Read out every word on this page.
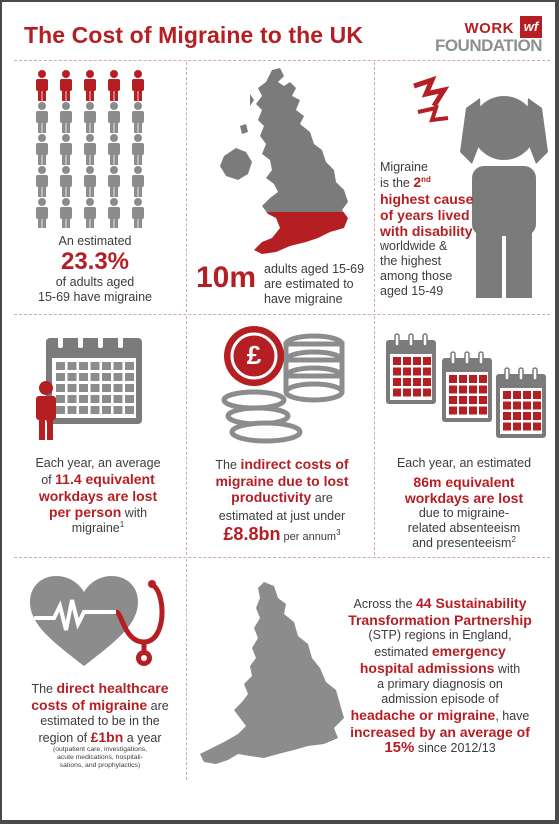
The Cost of Migraine to the UK	WORK wf
FOUNDATION
An estimated
23.3%
of adults aged
15-69 have migraine
10m adults aged 15-69
are estimated to
have migraine
Migraine
is the 2nd
highest cause
of years lived
with disability
worldwide &
the highest
among those
aged 15-49
Each year, an average
of 11.4 equivalent
workdays are lost
per person with
migraine$^1$
£
The indirect costs of
migraine due to lost
productivity are
estimated at just under
£8.8bn per annum$^3$
Each year, an estimated
86m equivalent
workdays are lost
due to migraine-
related absenteeism
and presenteeism$^2$
The direct healthcare
costs of migraine are
estimated to be in the
region of £1bn a year
(outpatient care, investigations,
acute medications, hospitali-
sations, and prophylactics)
Across the 44 Sustainability
Transformation Partnership
(STP) regions in England,
estimated emergency
hospital admissions with
a primary diagnosis on
admission episode of
headache or migraine, have
increased by an average of
15% since 2012/13
